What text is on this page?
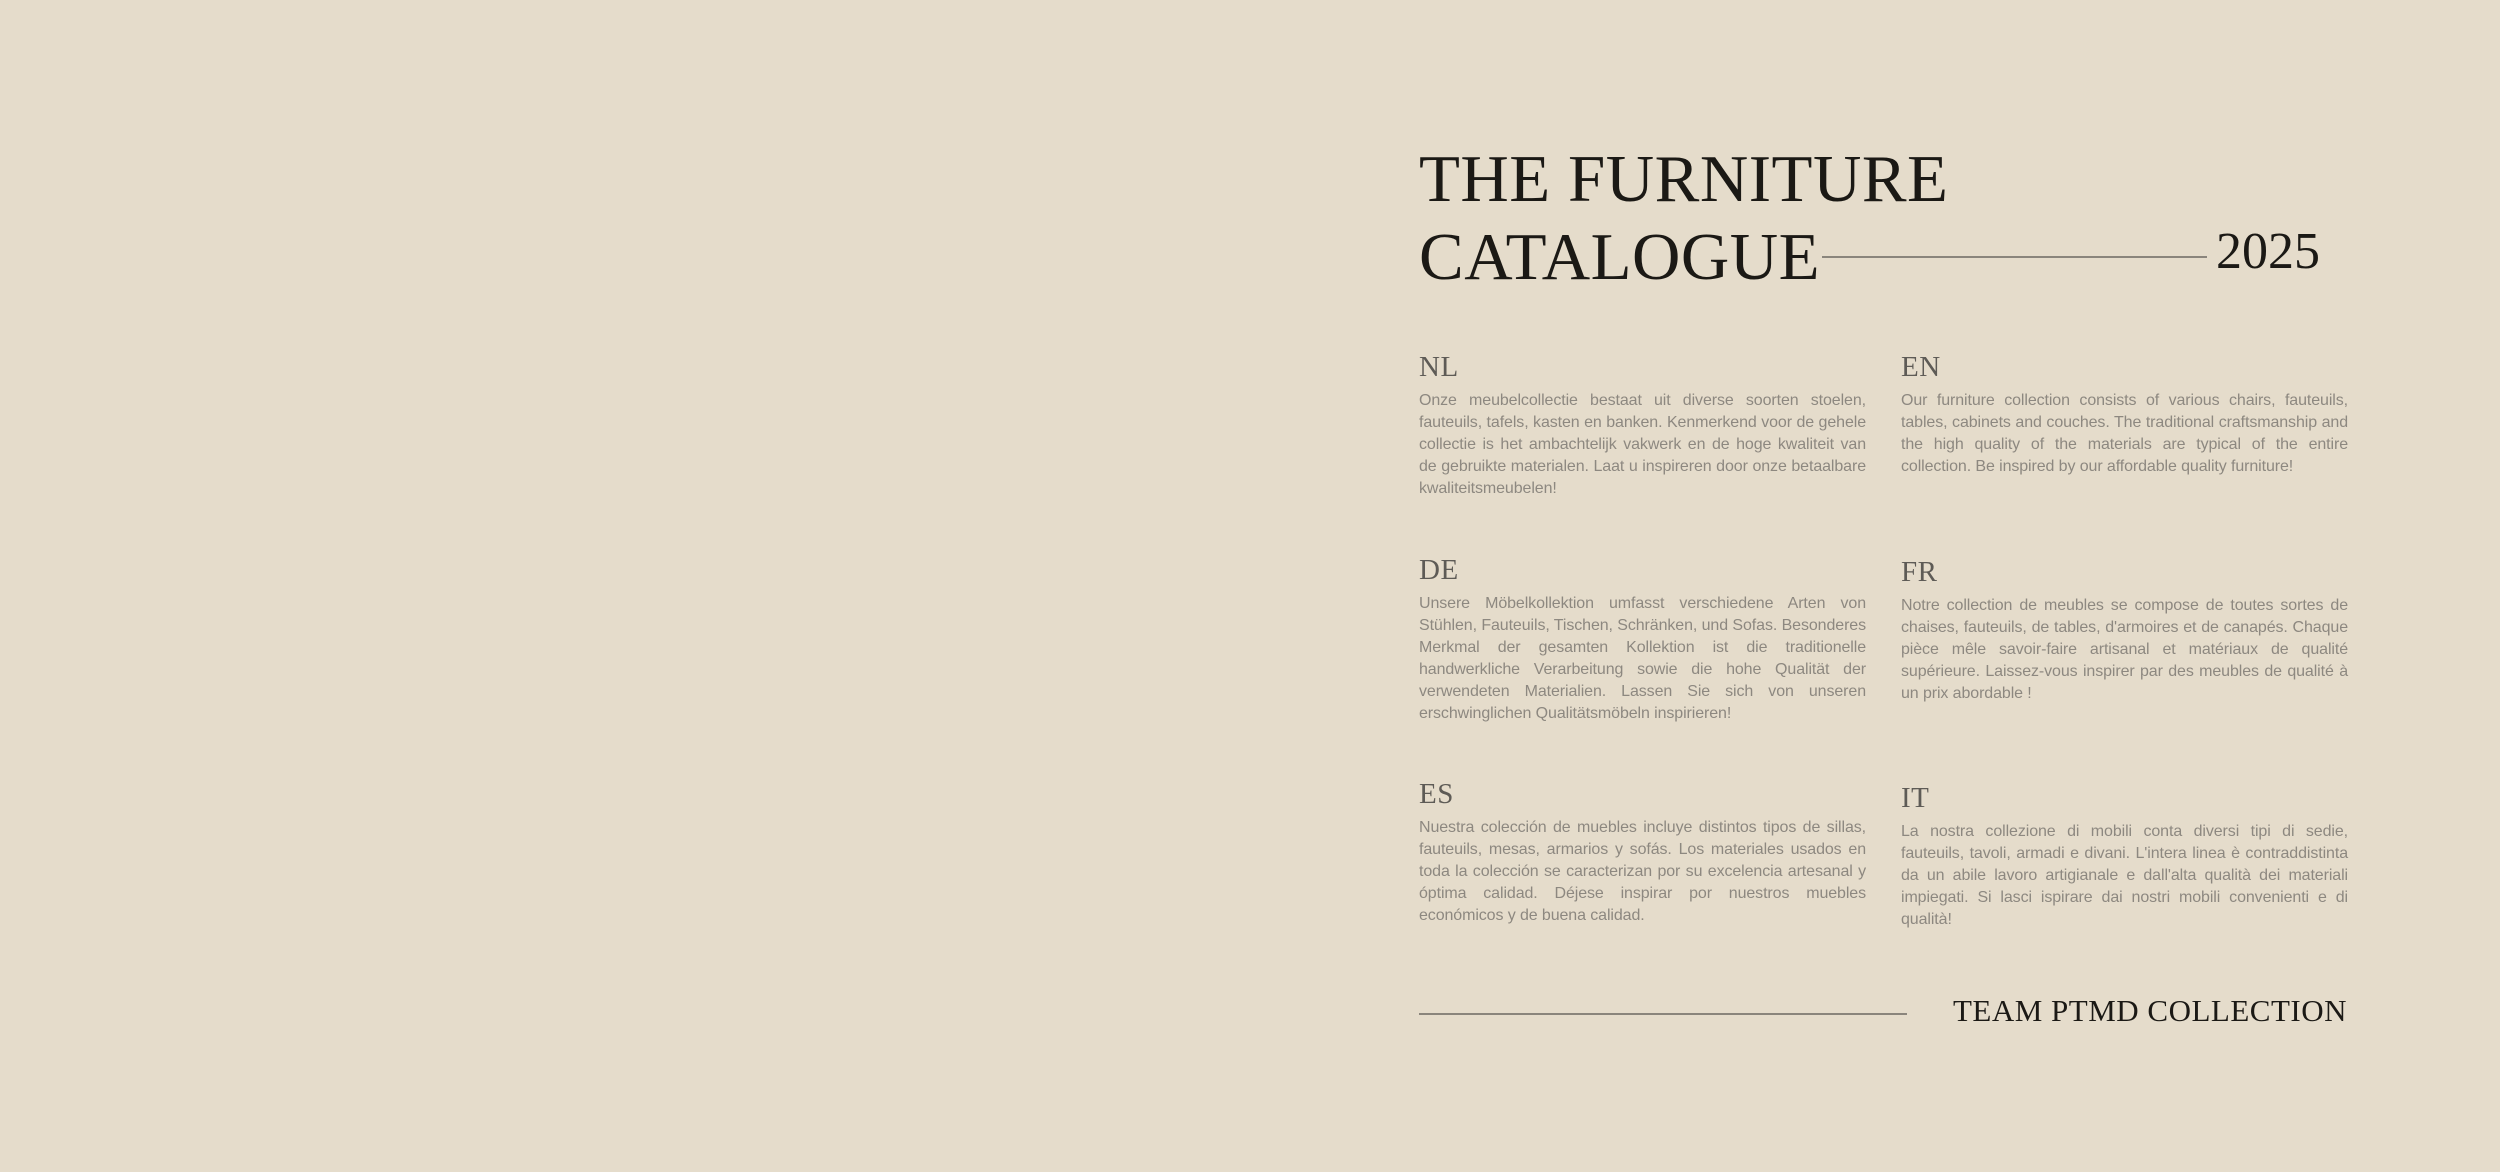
THE FURNITURE
CATALOGUE	2025
NL
Onze meubelcollectie bestaat uit diverse soorten stoelen, fauteuils, tafels, kasten en banken. Kenmerkend voor de gehele collectie is het ambachtelijk vakwerk en de hoge kwaliteit van de gebruikte materialen. Laat u inspireren door onze betaalbare kwaliteitsmeubelen!
EN
Our furniture collection consists of various chairs, fauteuils, tables, cabinets and couches. The traditional craftsmanship and the high quality of the materials are typical of the entire collection. Be inspired by our affordable quality furniture!
DE
Unsere Möbelkollektion umfasst verschiedene Arten von Stühlen, Fauteuils, Tischen, Schränken, und Sofas. Besonderes Merkmal der gesamten Kollektion ist die traditionelle handwerkliche Verarbeitung sowie die hohe Qualität der verwendeten Materialien. Lassen Sie sich von unseren erschwinglichen Qualitätsmöbeln inspirieren!
FR
Notre collection de meubles se compose de toutes sortes de chaises, fauteuils, de tables, d'armoires et de canapés. Chaque pièce mêle savoir-faire artisanal et matériaux de qualité supérieure. Laissez-vous inspirer par des meubles de qualité à un prix abordable !
ES
Nuestra colección de muebles incluye distintos tipos de sillas, fauteuils, mesas, armarios y sofás. Los materiales usados en toda la colección se caracterizan por su excelencia artesanal y óptima calidad. Déjese inspirar por nuestros muebles económicos y de buena calidad.
IT
La nostra collezione di mobili conta diversi tipi di sedie, fauteuils, tavoli, armadi e divani. L'intera linea è contraddistinta da un abile lavoro artigianale e dall'alta qualità dei materiali impiegati. Si lasci ispirare dai nostri mobili convenienti e di qualità!
TEAM PTMD COLLECTION
